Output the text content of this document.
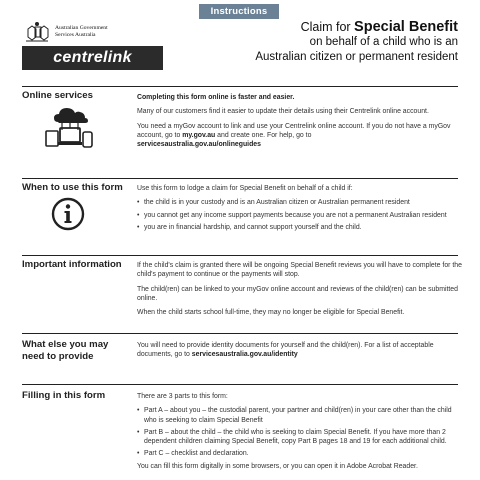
Instructions
Australian Government
Services Australia
centrelink
Claim for Special Benefit
on behalf of a child who is an
Australian citizen or permanent resident
Online services	Completing this form online is faster and easier.

Many of our customers find it easier to update their details using their Centrelink online account.

You need a myGov account to link and use your Centrelink online account. If you do not have a myGov account, go to my.gov.au and create one. For help, go to
servicesaustralia.gov.au/onlineguides

When to use this form	Use this form to lodge a claim for Special Benefit on behalf of a child if:

• the child is in your custody and is an Australian citizen or Australian permanent resident
• you cannot get any income support payments because you are not a permanent Australian resident
• you are in financial hardship, and cannot support yourself and the child.
Important information	If the child's claim is granted there will be ongoing Special Benefit reviews you will have to complete for the child's payment to continue or the payments will stop.

The child(ren) can be linked to your myGov online account and reviews of the child(ren) can be submitted online.

When the child starts school full-time, they may no longer be eligible for Special Benefit.

What else you may
need to provide

You will need to provide identity documents for yourself and the child(ren). For a list of acceptable documents, go to servicesaustralia.gov.au/identity

Filling in this form	There are 3 parts to this form:

• Part A – about you – the custodial parent, your partner and child(ren) in your care other than the child who is seeking to claim Special Benefit
• Part B – about the child – the child who is seeking to claim Special Benefit. If you have more than 2 dependent children claiming Special Benefit, copy Part B pages 18 and 19 for each additional child.
• Part C – checklist and declaration.

You can fill this form digitally in some browsers, or you can open it in Adobe Acrobat Reader.
